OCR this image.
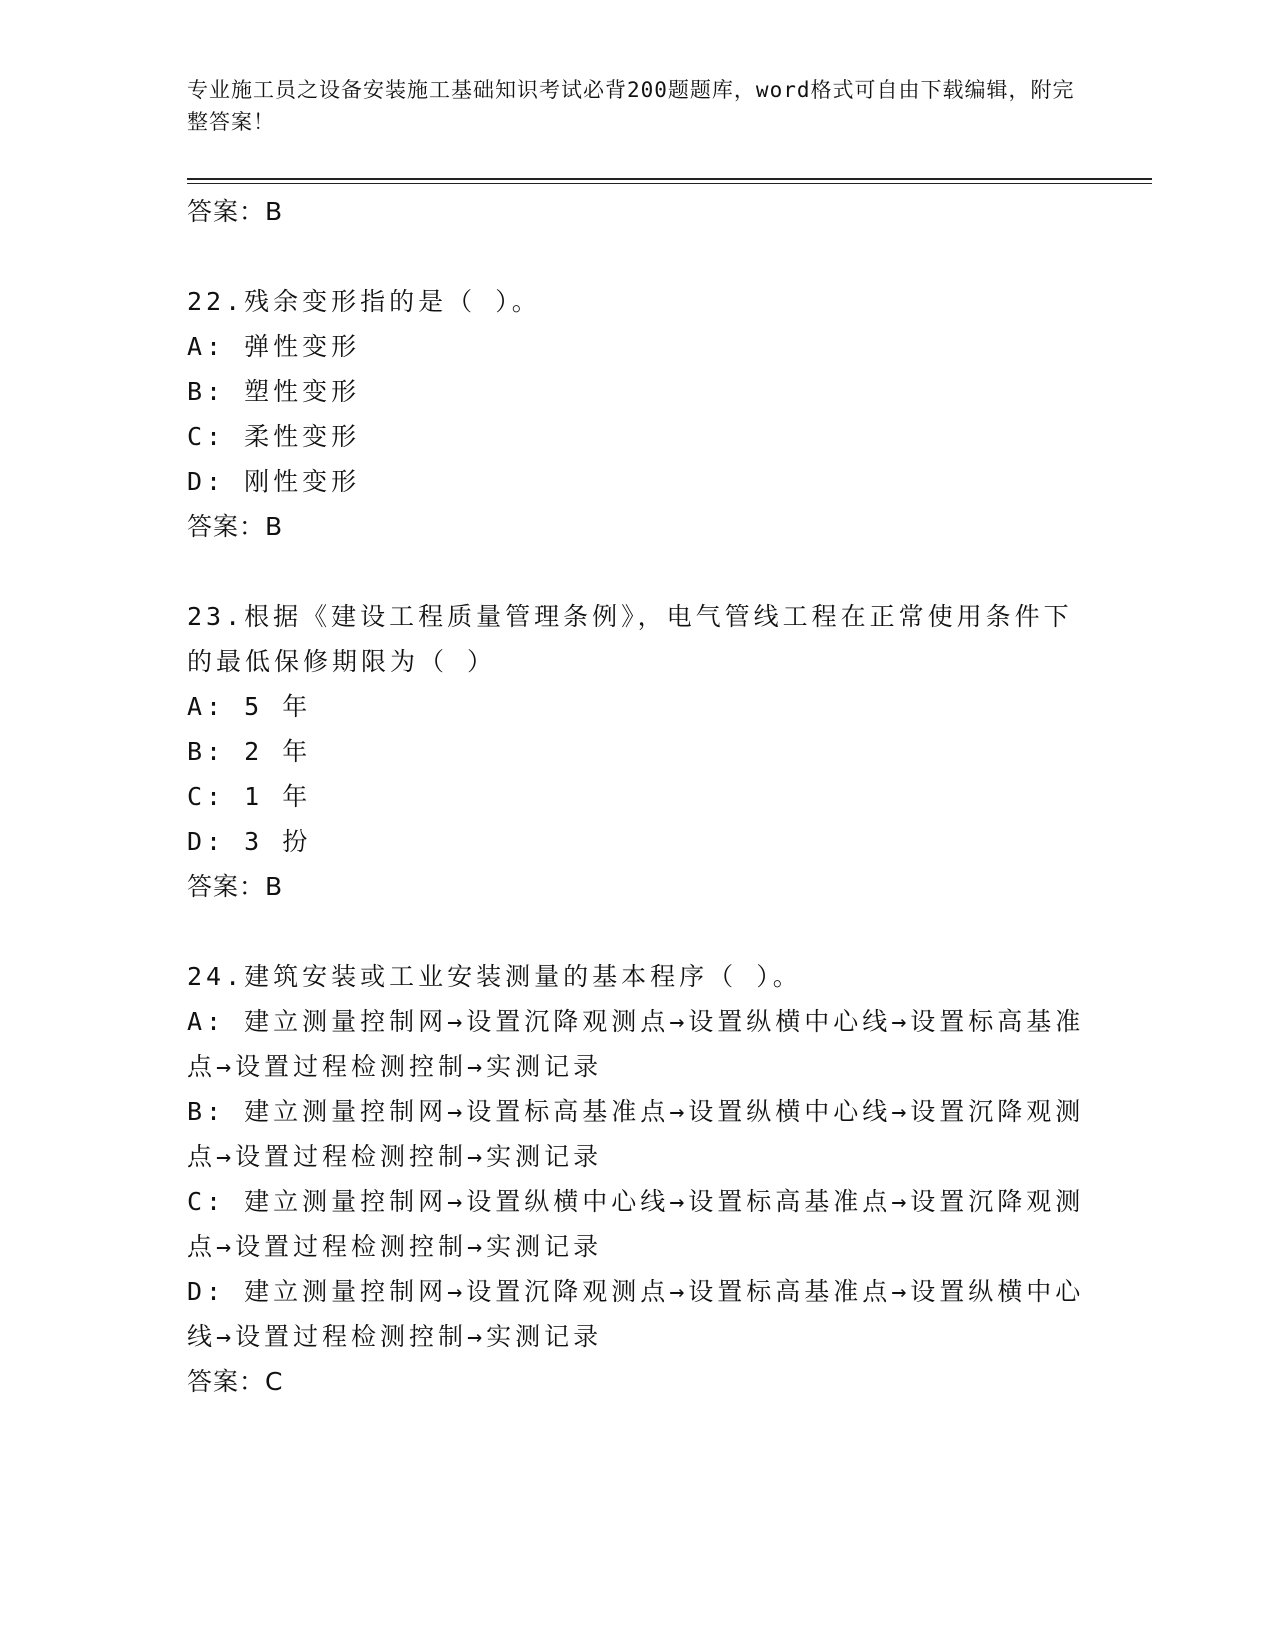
专业施工员之设备安装施工基础知识考试必背200题题库，word格式可自由下载编辑，附完整答案！
答案：B
22.残余变形指的是（ ）。
A: 弹性变形
B: 塑性变形
C: 柔性变形
D: 刚性变形
答案：B
23.根据《建设工程质量管理条例》，电气管线工程在正常使用条件下的最低保修期限为（ ）
A: 5 年
B: 2 年
C: 1 年
D: 3 扮
答案：B
24.建筑安装或工业安装测量的基本程序（ ）。
A: 建立测量控制网→设置沉降观测点→设置纵横中心线→设置标高基准点→设置过程检测控制→实测记录
B: 建立测量控制网→设置标高基准点→设置纵横中心线→设置沉降观测点→设置过程检测控制→实测记录
C: 建立测量控制网→设置纵横中心线→设置标高基准点→设置沉降观测点→设置过程检测控制→实测记录
D: 建立测量控制网→设置沉降观测点→设置标高基准点→设置纵横中心线→设置过程检测控制→实测记录
答案：C
